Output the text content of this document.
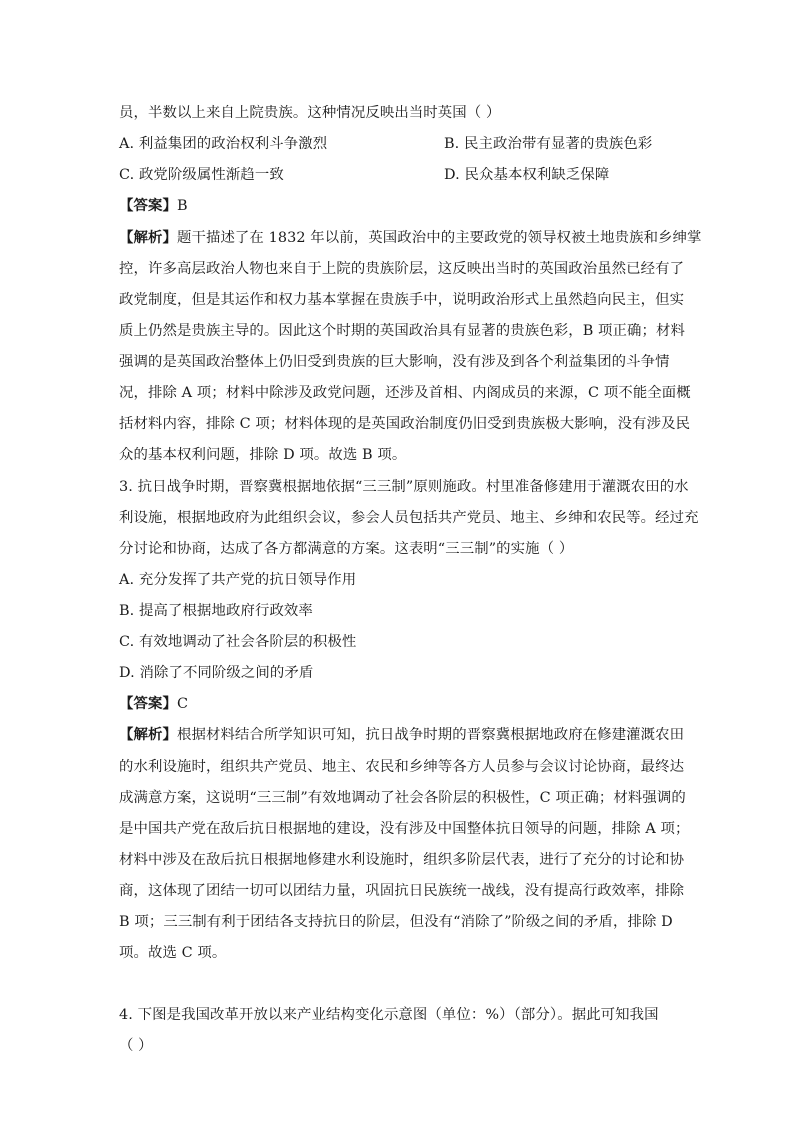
员，半数以上来自上院贵族。这种情况反映出当时英国（ ）
A. 利益集团的政治权利斗争激烈	B. 民主政治带有显著的贵族色彩
C. 政党阶级属性渐趋一致	D. 民众基本权利缺乏保障
【答案】B
【解析】题干描述了在 1832 年以前，英国政治中的主要政党的领导权被土地贵族和乡绅掌
控，许多高层政治人物也来自于上院的贵族阶层，这反映出当时的英国政治虽然已经有了
政党制度，但是其运作和权力基本掌握在贵族手中，说明政治形式上虽然趋向民主，但实
质上仍然是贵族主导的。因此这个时期的英国政治具有显著的贵族色彩，B 项正确；材料
强调的是英国政治整体上仍旧受到贵族的巨大影响，没有涉及到各个利益集团的斗争情
况，排除 A 项；材料中除涉及政党问题，还涉及首相、内阁成员的来源，C 项不能全面概
括材料内容，排除 C 项；材料体现的是英国政治制度仍旧受到贵族极大影响，没有涉及民
众的基本权利问题，排除 D 项。故选 B 项。
3. 抗日战争时期，晋察冀根据地依据“三三制”原则施政。村里准备修建用于灌溉农田的水
利设施，根据地政府为此组织会议，参会人员包括共产党员、地主、乡绅和农民等。经过充
分讨论和协商，达成了各方都满意的方案。这表明“三三制”的实施（ ）
A. 充分发挥了共产党的抗日领导作用
B. 提高了根据地政府行政效率
C. 有效地调动了社会各阶层的积极性
D. 消除了不同阶级之间的矛盾
【答案】C
【解析】根据材料结合所学知识可知，抗日战争时期的晋察冀根据地政府在修建灌溉农田
的水利设施时，组织共产党员、地主、农民和乡绅等各方人员参与会议讨论协商，最终达
成满意方案，这说明“三三制”有效地调动了社会各阶层的积极性，C 项正确；材料强调的
是中国共产党在敌后抗日根据地的建设，没有涉及中国整体抗日领导的问题，排除 A 项；
材料中涉及在敌后抗日根据地修建水利设施时，组织多阶层代表，进行了充分的讨论和协
商，这体现了团结一切可以团结力量，巩固抗日民族统一战线，没有提高行政效率，排除
B 项；三三制有利于团结各支持抗日的阶层，但没有“消除了”阶级之间的矛盾，排除 D
项。故选 C 项。
4. 下图是我国改革开放以来产业结构变化示意图（单位：%）（部分）。据此可知我国
（ ）
